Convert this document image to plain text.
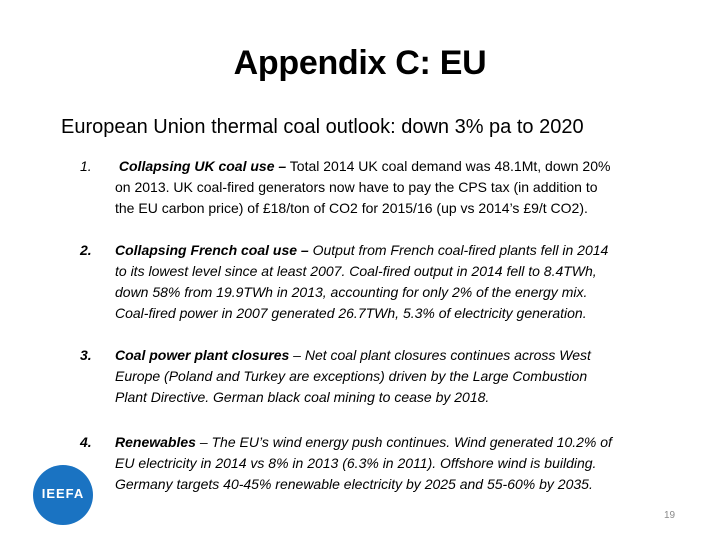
Appendix C: EU
European Union thermal coal outlook: down 3% pa to 2020
1. Collapsing UK coal use – Total 2014 UK coal demand was 48.1Mt, down 20%
on 2013. UK coal-fired generators now have to pay the CPS tax (in addition to
the EU carbon price) of £18/ton of CO2 for 2015/16 (up vs 2014’s £9/t CO2).
2. Collapsing French coal use – Output from French coal-fired plants fell in 2014
to its lowest level since at least 2007. Coal-fired output in 2014 fell to 8.4TWh,
down 58% from 19.9TWh in 2013, accounting for only 2% of the energy mix.
Coal-fired power in 2007 generated 26.7TWh, 5.3% of electricity generation.
3. Coal power plant closures – Net coal plant closures continues across West
Europe (Poland and Turkey are exceptions) driven by the Large Combustion
Plant Directive. German black coal mining to cease by 2018.
4. Renewables – The EU’s wind energy push continues. Wind generated 10.2% of
EU electricity in 2014 vs 8% in 2013 (6.3% in 2011). Offshore wind is building.
Germany targets 40-45% renewable electricity by 2025 and 55-60% by 2035.
IEEFA
19
